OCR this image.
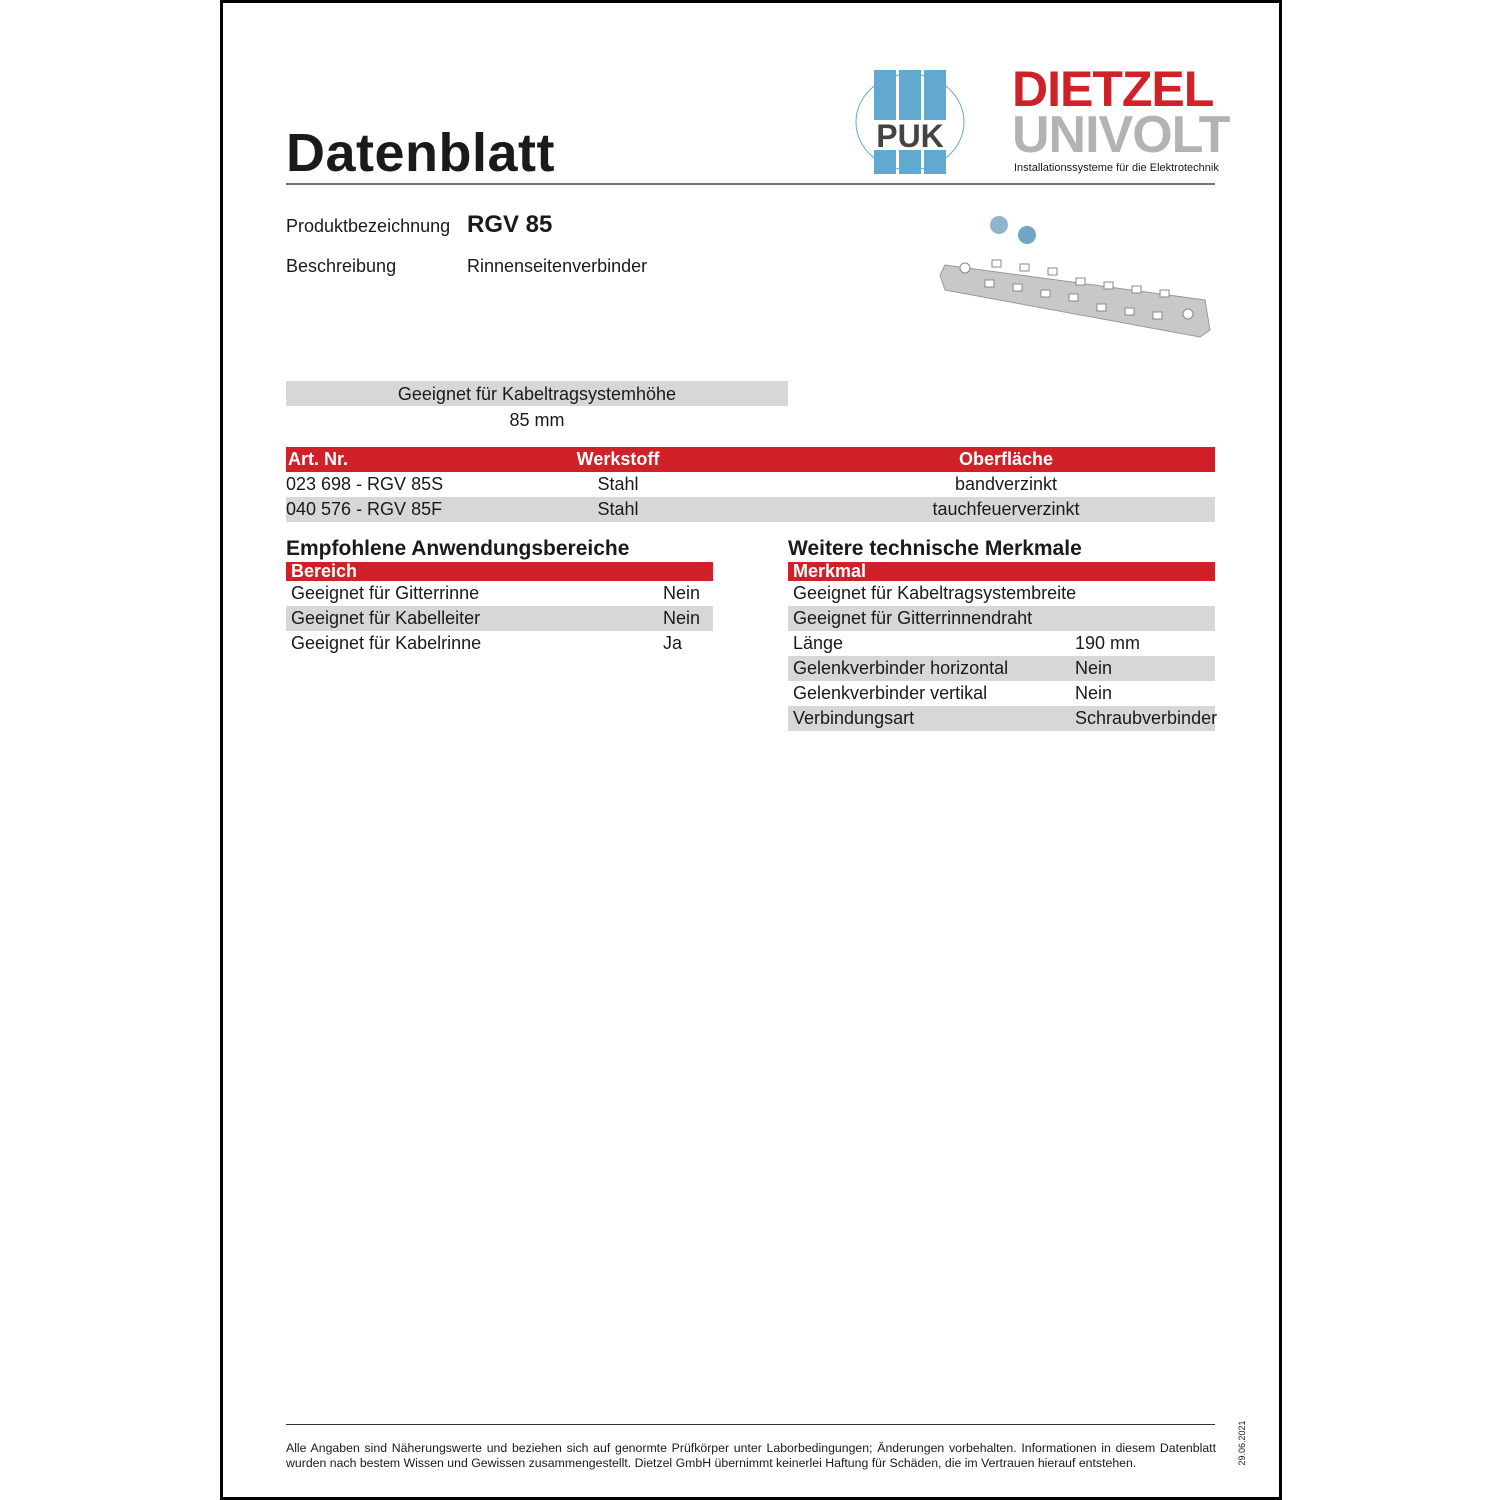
Datenblatt	PUK
DIETZEL
UNIVOLT
Installationssysteme für die Elektrotechnik
Produktbezeichnung RGV 85
Beschreibung	Rinnenseitenverbinder
Geeignet für Kabeltragsystemhöhe
85 mm
Art. Nr.	Werkstoff	Oberfläche
023 698 - RGV 85S	Stahl	bandverzinkt
040 576 - RGV 85F	Stahl	tauchfeuerverzinkt
Empfohlene Anwendungsbereiche
Bereich
Geeignet für Gitterrinne	Nein
Geeignet für Kabelleiter	Nein
Geeignet für Kabelrinne	Ja
Weitere technische Merkmale
Merkmal
Geeignet für Kabeltragsystembreite
Geeignet für Gitterrinnendraht
Länge	190 mm
Gelenkverbinder horizontal	Nein
Gelenkverbinder vertikal	Nein
Verbindungsart	Schraubverbinder
Alle Angaben sind Näherungswerte und beziehen sich auf genormte Prüfkörper unter Laborbedingungen; Änderungen vorbehalten. Informationen in diesem Datenblatt wurden nach bestem Wissen und Gewissen zusammengestellt. Dietzel GmbH übernimmt keinerlei Haftung für Schäden, die im Vertrauen hierauf entstehen.	29.06.2021
